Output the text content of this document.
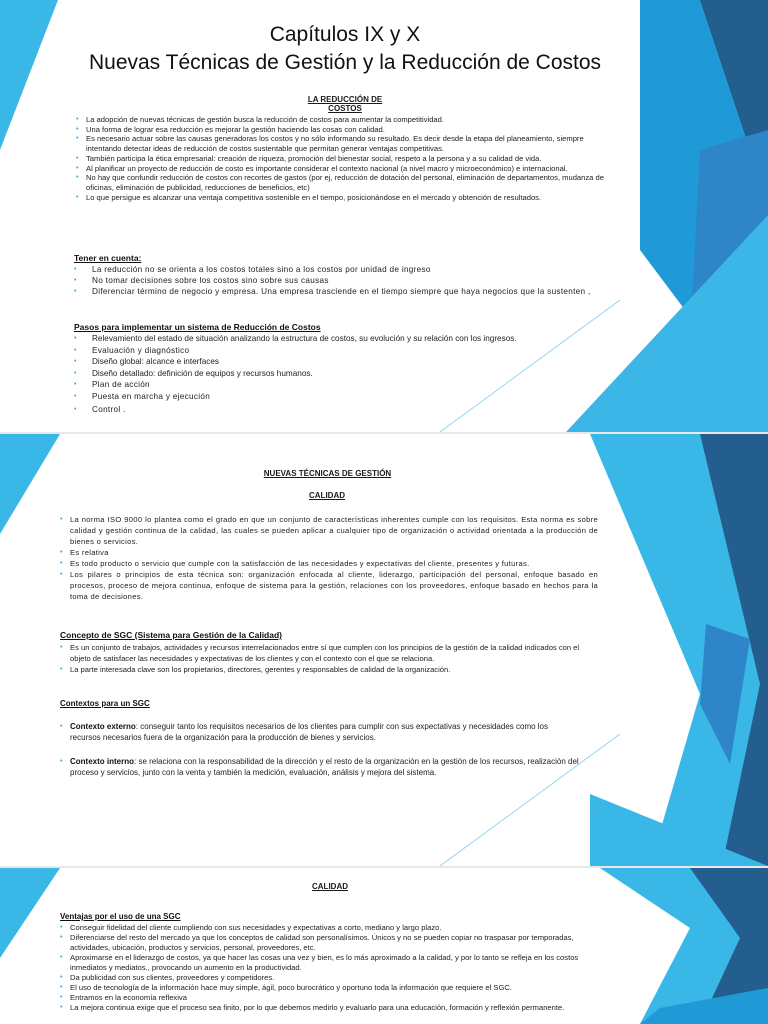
Capítulos IX y X
Nuevas Técnicas de Gestión y la Reducción de Costos
LA REDUCCIÓN DE COSTOS
• La adopción de nuevas técnicas de gestión busca la reducción de costos para aumentar la competitividad.
• Una forma de lograr esa reducción es mejorar la gestión haciendo las cosas con calidad.
• Es necesario actuar sobre las causas generadoras los costos y no sólo informando su resultado. Es decir desde la etapa del planeamiento, siempre intentando detectar ideas de reducción de costos sustentable que permitan generar ventajas competitivas.
• También participa la ética empresarial: creación de riqueza, promoción del bienestar social, respeto a la persona y a su calidad de vida.
• Al planificar un proyecto de reducción de costo es importante considerar el contexto nacional (a nivel macro y microeconómico) e internacional.
• No hay que confundir reducción de costos con recortes de gastos (por ej, reducción de dotación del personal, eliminación de departamentos, mudanza de oficinas, eliminación de publicidad, reducciones de beneficios, etc)
• Lo que persigue es alcanzar una ventaja competitiva sostenible en el tiempo, posicionándose en el mercado y obtención de resultados.
Tener en cuenta:
• La reducción no se orienta a los costos totales sino a los costos por unidad de ingreso
• No tomar decisiones sobre los costos sino sobre sus causas
• Diferenciar término de negocio y empresa. Una empresa trasciende en el tiempo siempre que haya negocios que la sustenten ,
Pasos para implementar un sistema de Reducción de Costos
• Relevamiento del estado de situación analizando la estructura de costos, su evolución y su relación con los ingresos.
• Evaluación y diagnóstico
• Diseño global: alcance e interfaces
• Diseño detallado: definición de equipos y recursos humanos.
• Plan de acción
• Puesta en marcha y ejecución
• Control .
NUEVAS TÉCNICAS DE GESTIÓN
CALIDAD
• La norma ISO 9000 lo plantea como el grado en que un conjunto de características inherentes cumple con los requisitos. Esta norma es sobre calidad y gestión continua de la calidad, las cuales se pueden aplicar a cualquier tipo de organización o actividad orientada a la producción de bienes o servicios.
• Es relativa
• Es todo producto o servicio que cumple con la satisfacción de las necesidades y expectativas del cliente, presentes y futuras.
• Los pilares o principios de esta técnica son: organización enfocada al cliente, liderazgo, participación del personal, enfoque basado en procesos, proceso de mejora continua, enfoque de sistema para la gestión, relaciones con los proveedores, enfoque basado en hechos para la toma de decisiones.
Concepto de SGC (Sistema para Gestión de la Calidad)
• Es un conjunto de trabajos, actividades y recursos interrelacionados entre sí que cumplen con los principios de la gestión de la calidad indicados con el objeto de satisfacer las necesidades y expectativas de los clientes y con el contexto con el que se relaciona.
• La parte interesada clave son los propietarios, directores, gerentes y responsables de calidad de la organización.
Contextos para un SGC
• Contexto externo: conseguir tanto los requisitos necesarios de los clientes para cumplir con sus expectativas y necesidades como los recursos necesarios fuera de la organización para la producción de bienes y servicios.
• Contexto interno: se relaciona con la responsabilidad de la dirección y el resto de la organización en la gestión de los recursos, realización del proceso y servicios, junto con la venta y también la medición, evaluación, análisis y mejora del sistema.
CALIDAD
Ventajas por el uso de una SGC
• Conseguir fidelidad del cliente cumpliendo con sus necesidades y expectativas a corto, mediano y largo plazo.
• Diferenciarse del resto del mercado ya que los conceptos de calidad son personalísimos. Únicos y no se pueden copiar no traspasar por temporadas, actividades, ubicación, productos y servicios, personal, proveedores, etc.
• Aproximarse en el liderazgo de costos, ya que hacer las cosas una vez y bien, es lo más aproximado a la calidad, y por lo tanto se refleja en los costos inmediatos y mediatos., provocando un aumento en la productividad.
• Da publicidad con sus clientes, proveedores y competidores.
• El uso de tecnología de la información hace muy simple, ágil, poco burocrático y oportuno toda la información que requiere el SGC.
• Entramos en la economía reflexiva
• La mejora continua exige que el proceso sea finito, por lo que debemos medirlo y evaluarlo para una educación, formación y reflexión permanente.
